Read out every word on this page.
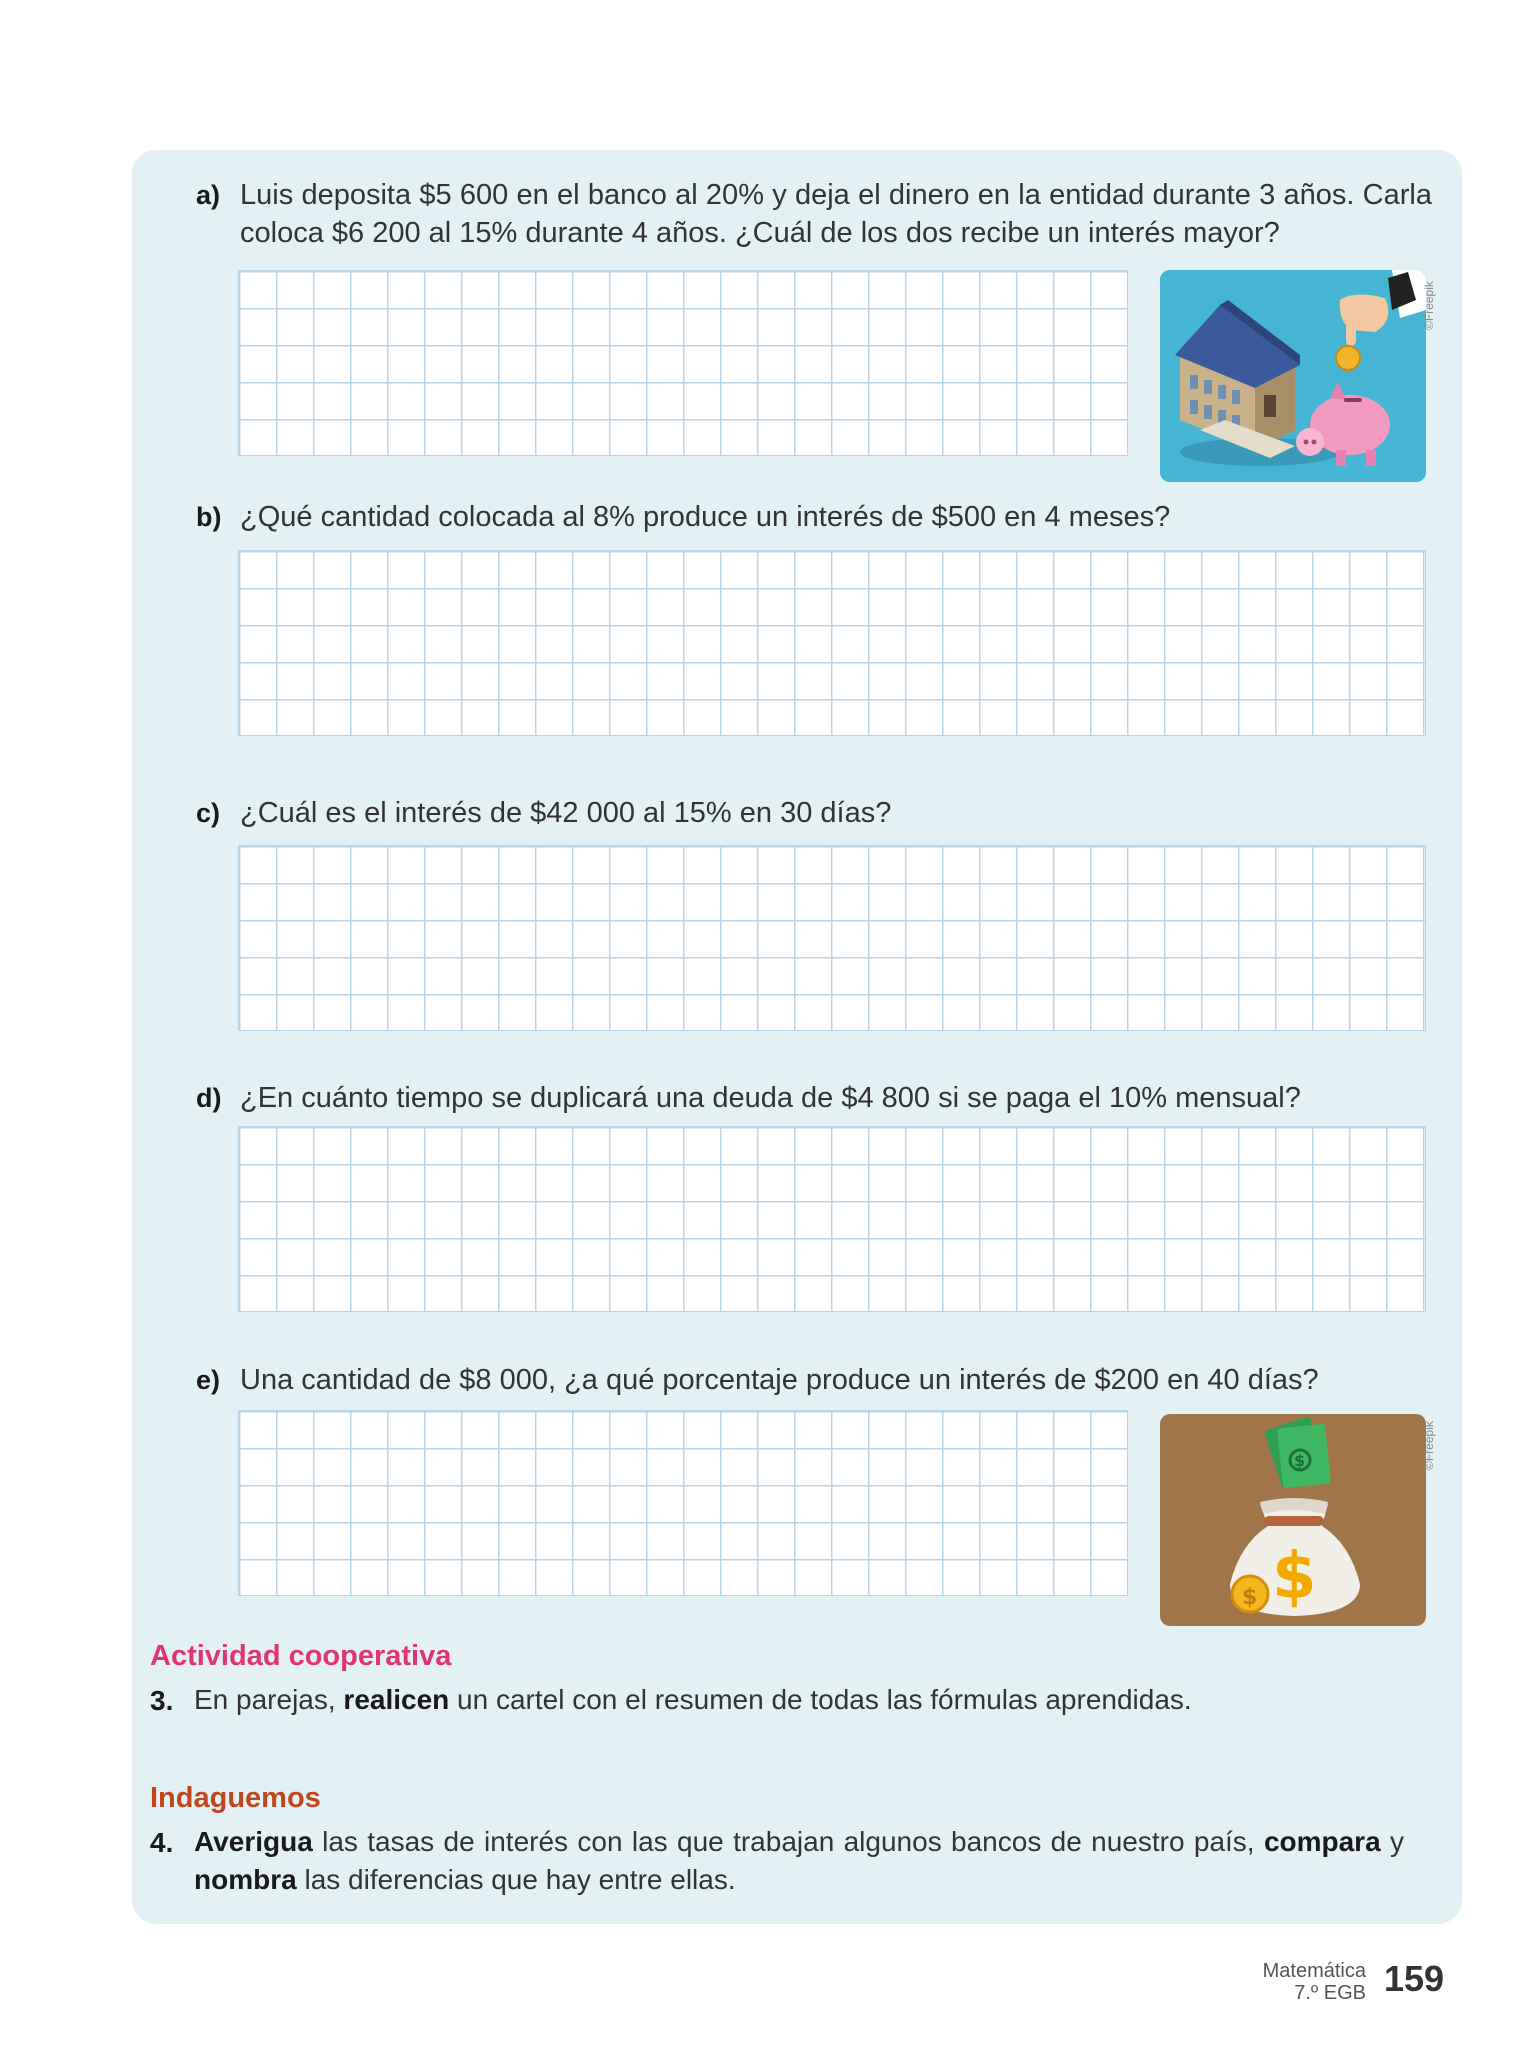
a) Luis deposita $5 600 en el banco al 20% y deja el dinero en la entidad durante 3 años. Carla coloca $6 200 al 15% durante 4 años. ¿Cuál de los dos recibe un interés mayor?
©Freepik
b) ¿Qué cantidad colocada al 8% produce un interés de $500 en 4 meses?
c) ¿Cuál es el interés de $42 000 al 15% en 30 días?
d) ¿En cuánto tiempo se duplicará una deuda de $4 800 si se paga el 10% mensual?
e) Una cantidad de $8 000, ¿a qué porcentaje produce un interés de $200 en 40 días?
$
$
$
©Freepik
Actividad cooperativa
3. En parejas, realicen un cartel con el resumen de todas las fórmulas aprendidas.
Indaguemos
4. Averigua las tasas de interés con las que trabajan algunos bancos de nuestro país, compara y nombra las diferencias que hay entre ellas.
Matemática
7.º EGB 159
